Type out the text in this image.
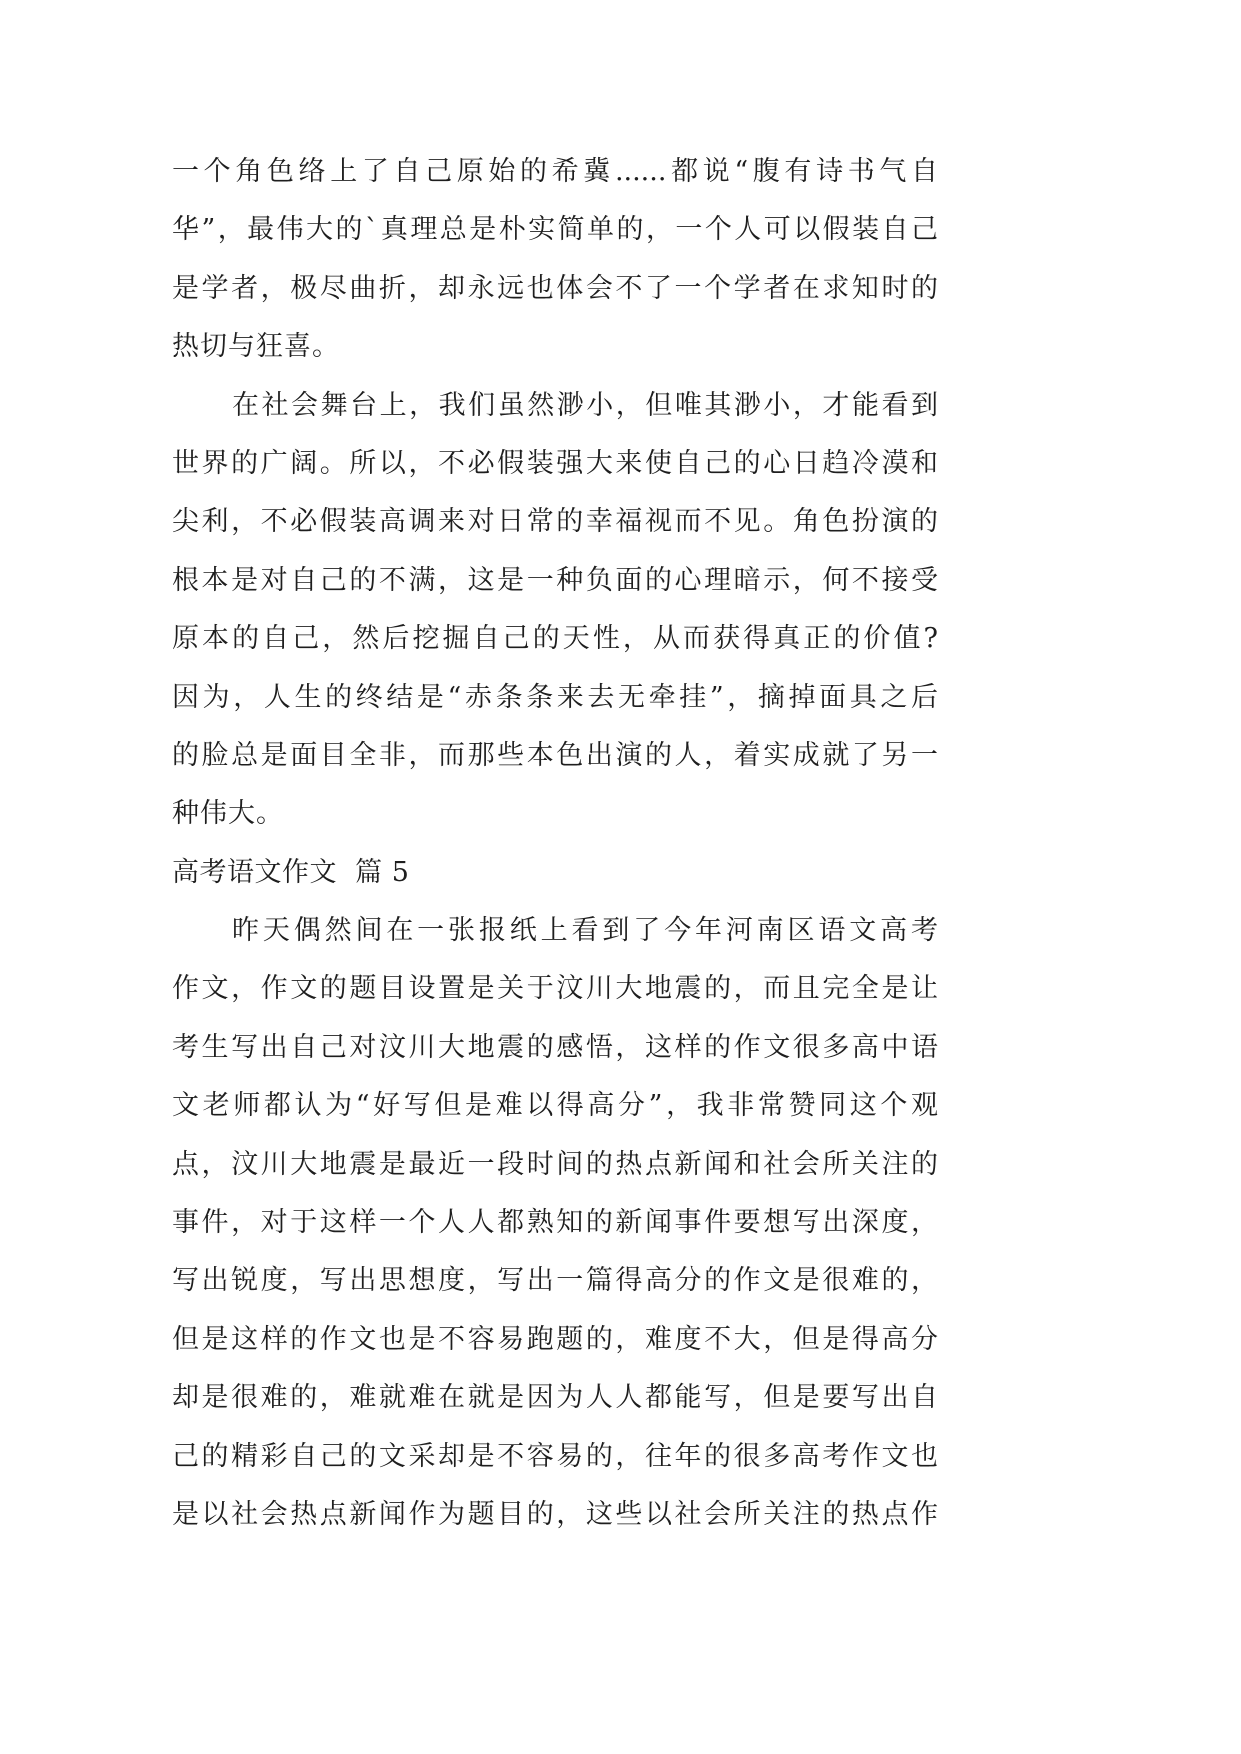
一个角色络上了自己原始的希冀......都说“腹有诗书气自
华”，最伟大的`真理总是朴实简单的，一个人可以假装自己
是学者，极尽曲折，却永远也体会不了一个学者在求知时的
热切与狂喜。
在社会舞台上，我们虽然渺小，但唯其渺小，才能看到
世界的广阔。所以，不必假装强大来使自己的心日趋冷漠和
尖利，不必假装高调来对日常的幸福视而不见。角色扮演的
根本是对自己的不满，这是一种负面的心理暗示，何不接受
原本的自己，然后挖掘自己的天性，从而获得真正的价值?
因为，人生的终结是“赤条条来去无牵挂”，摘掉面具之后
的脸总是面目全非，而那些本色出演的人，着实成就了另一
种伟大。
高考语文作文  篇 5
昨天偶然间在一张报纸上看到了今年河南区语文高考
作文，作文的题目设置是关于汶川大地震的，而且完全是让
考生写出自己对汶川大地震的感悟，这样的作文很多高中语
文老师都认为“好写但是难以得高分”，我非常赞同这个观
点，汶川大地震是最近一段时间的热点新闻和社会所关注的
事件，对于这样一个人人都熟知的新闻事件要想写出深度，
写出锐度，写出思想度，写出一篇得高分的作文是很难的，
但是这样的作文也是不容易跑题的，难度不大，但是得高分
却是很难的，难就难在就是因为人人都能写，但是要写出自
己的精彩自己的文采却是不容易的，往年的很多高考作文也
是以社会热点新闻作为题目的，这些以社会所关注的热点作
